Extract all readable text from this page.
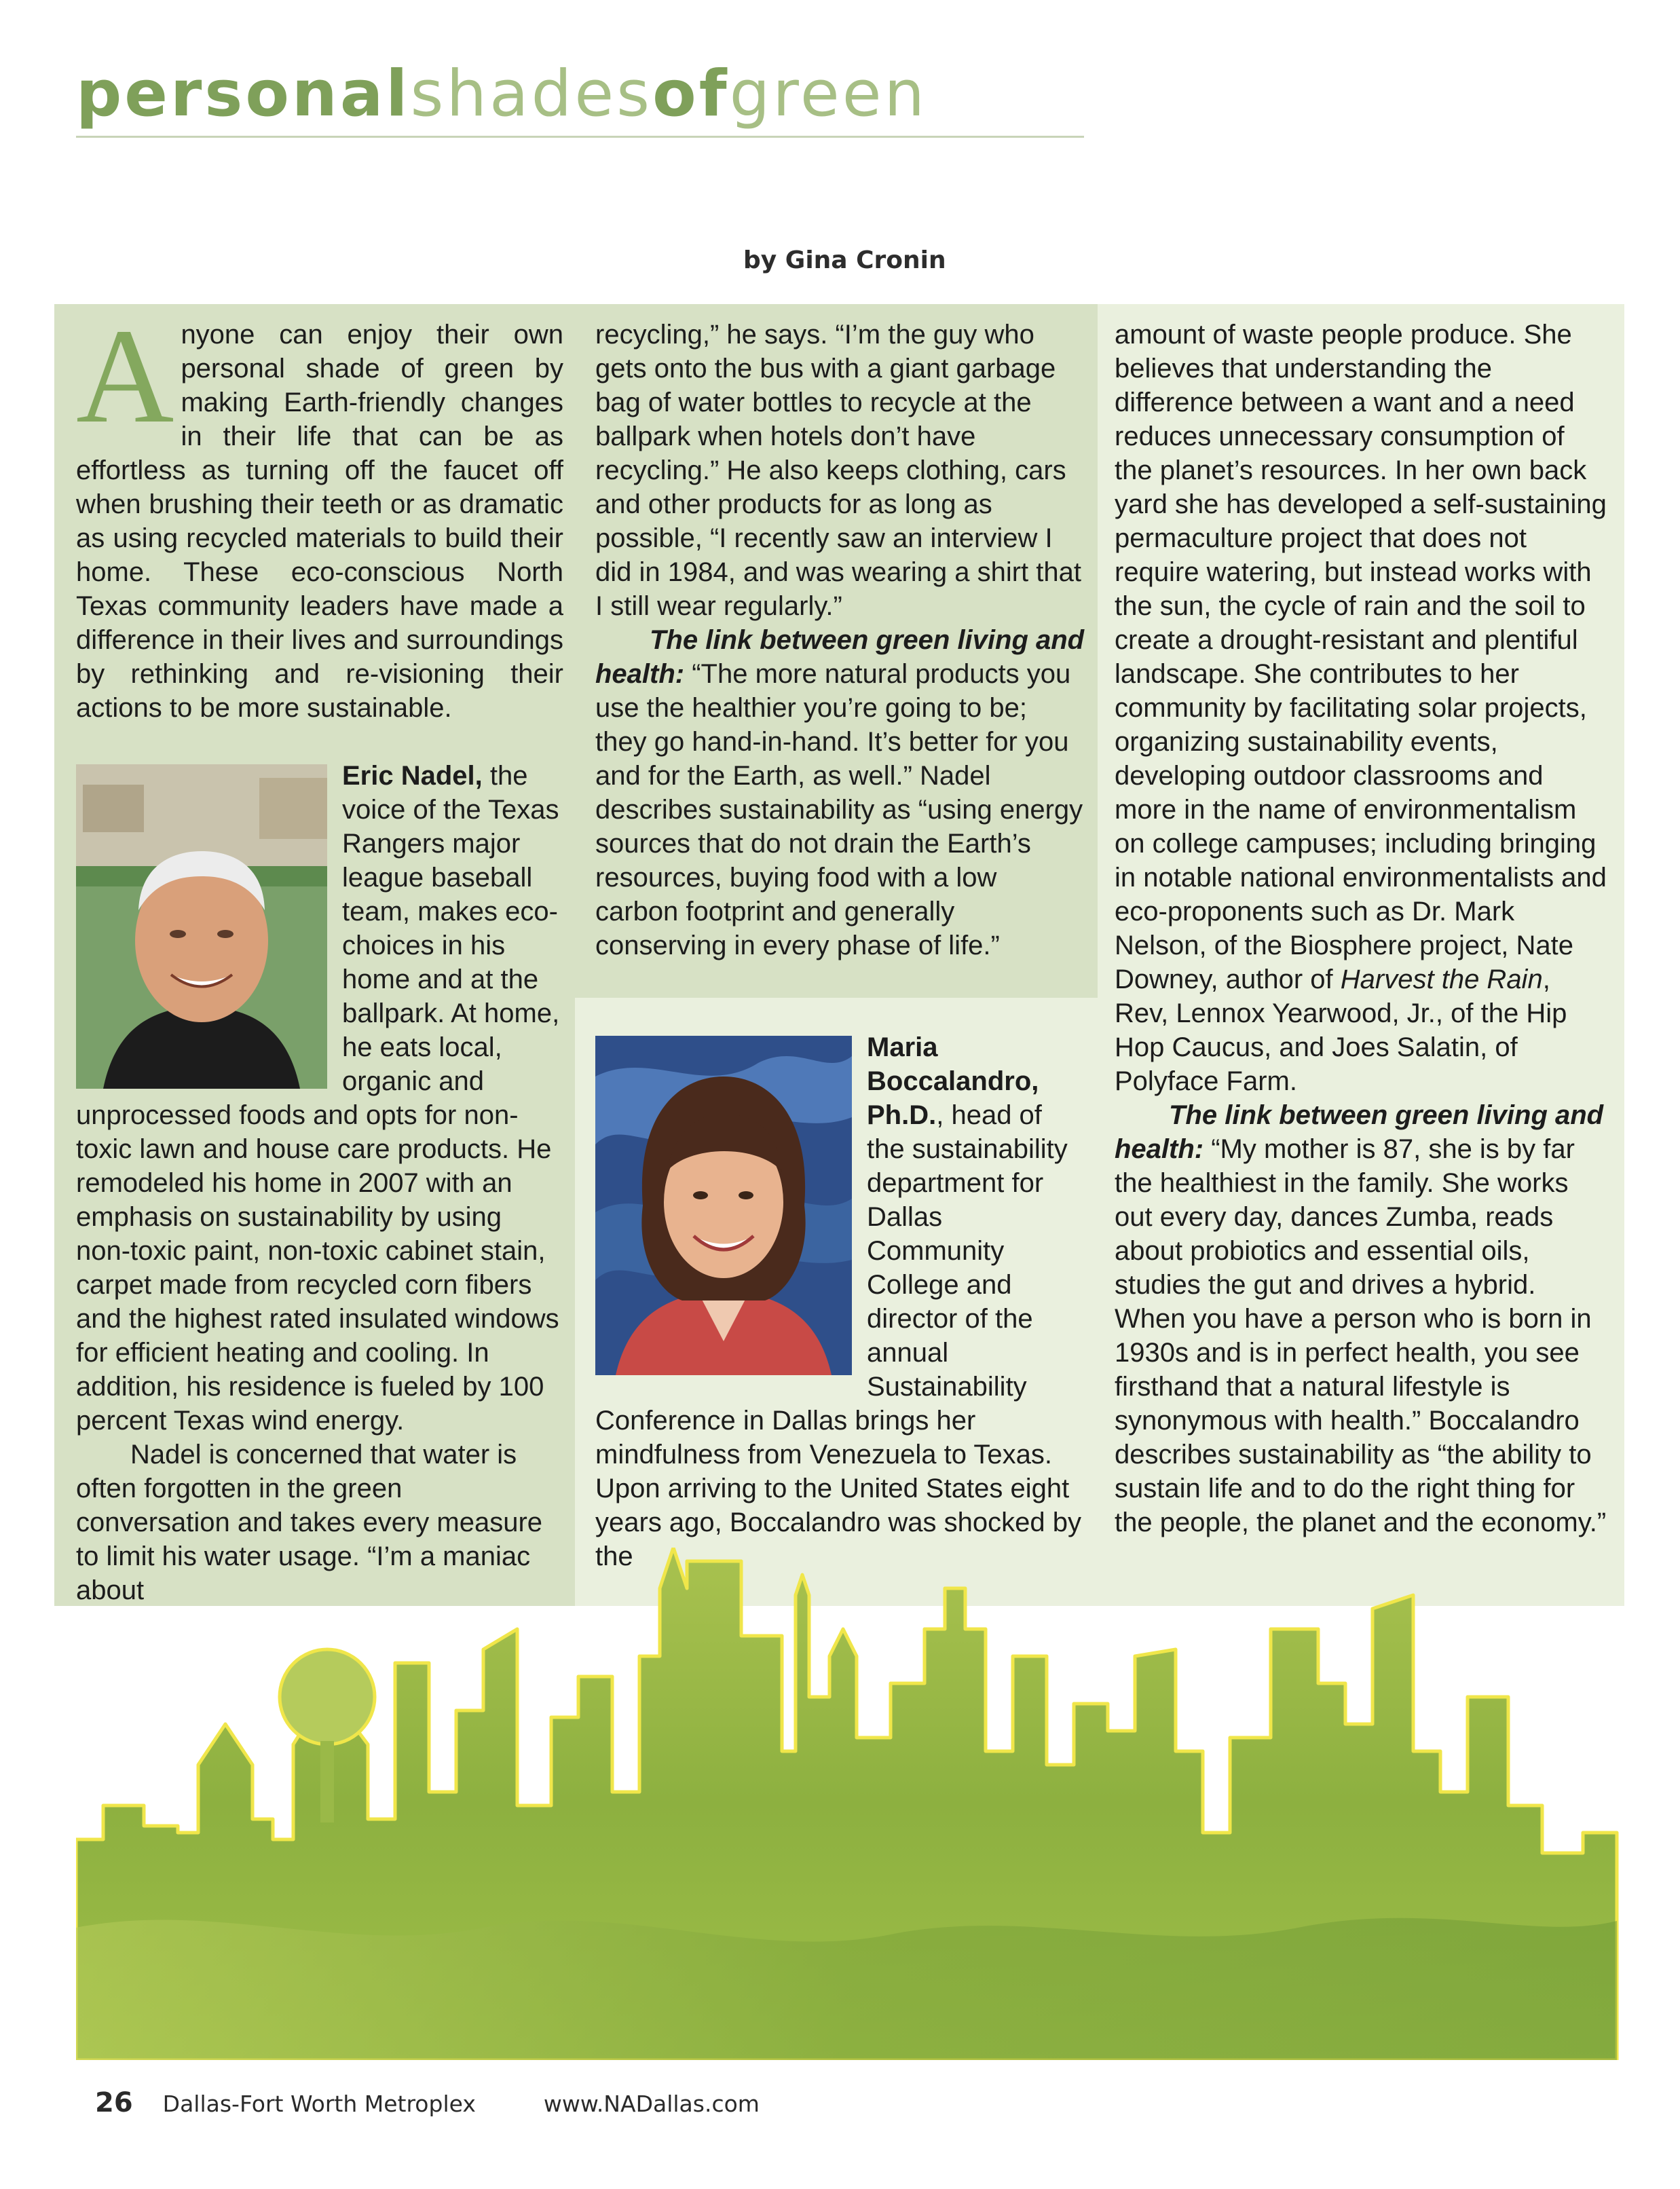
personalshadesofgreen
by Gina Cronin

Anyone can enjoy their own personal shade of green by making Earth-friendly changes in their life that can be as effortless as turning off the faucet off when brushing their teeth or as dramatic as using recycled materials to build their home. These eco-conscious North Texas community leaders have made a difference in their lives and surroundings by rethinking and re-visioning their actions to be more sustainable.

Eric Nadel, the voice of the Texas Rangers major league baseball team, makes eco-choices in his home and at the ballpark. At home, he eats local, organic and unprocessed foods and opts for non-toxic lawn and house care products. He remodeled his home in 2007 with an emphasis on sustainability by using non-toxic paint, non-toxic cabinet stain, carpet made from recycled corn fibers and the highest rated insulated windows for efficient heating and cooling. In addition, his residence is fueled by 100 percent Texas wind energy.

Nadel is concerned that water is often forgotten in the green conversation and takes every measure to limit his water usage. “I’m a maniac about

recycling,” he says. “I’m the guy who gets onto the bus with a giant garbage bag of water bottles to recycle at the ballpark when hotels don’t have recycling.” He also keeps clothing, cars and other products for as long as possible, “I recently saw an interview I did in 1984, and was wearing a shirt that I still wear regularly.”

The link between green living and health: “The more natural products you use the healthier you’re going to be; they go hand-in-hand. It’s better for you and for the Earth, as well.” Nadel describes sustainability as “using energy sources that do not drain the Earth’s resources, buying food with a low carbon footprint and generally conserving in every phase of life.”

Maria Boccalandro, Ph.D., head of the sustainability department for Dallas Community College and director of the annual Sustainability Conference in Dallas brings her mindfulness from Venezuela to Texas. Upon arriving to the United States eight years ago, Boccalandro was shocked by the

amount of waste people produce. She believes that understanding the difference between a want and a need reduces unnecessary consumption of the planet’s resources. In her own back yard she has developed a self-sustaining permaculture project that does not require watering, but instead works with the sun, the cycle of rain and the soil to create a drought-resistant and plentiful landscape. She contributes to her community by facilitating solar projects, organizing sustainability events, developing outdoor classrooms and more in the name of environmentalism on college campuses; including bringing in notable national environmentalists and eco-proponents such as Dr. Mark Nelson, of the Biosphere project, Nate Downey, author of Harvest the Rain, Rev, Lennox Yearwood, Jr., of the Hip Hop Caucus, and Joes Salatin, of Polyface Farm.

The link between green living and health: “My mother is 87, she is by far the healthiest in the family. She works out every day, dances Zumba, reads about probiotics and essential oils, studies the gut and drives a hybrid. When you have a person who is born in 1930s and is in perfect health, you see firsthand that a natural lifestyle is synonymous with health.” Boccalandro describes sustainability as “the ability to sustain life and to do the right thing for the people, the planet and the economy.”

26 Dallas-Fort Worth Metroplex	www.NADallas.com
